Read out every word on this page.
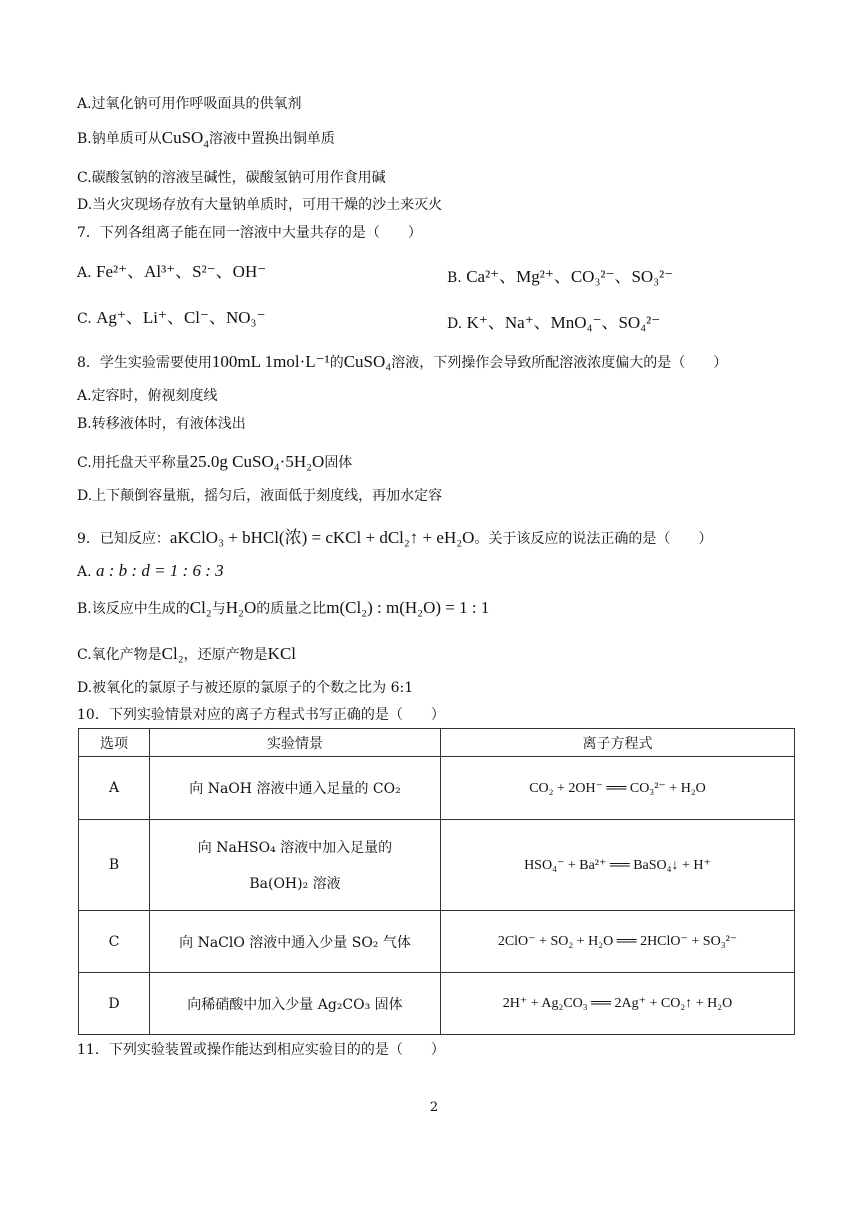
A.过氧化钠可用作呼吸面具的供氧剂
B.钠单质可从CuSO$_4$溶液中置换出铜单质
C.碳酸氢钠的溶液呈碱性，碳酸氢钠可用作食用碱
D.当火灾现场存放有大量钠单质时，可用干燥的沙土来灭火
7．下列各组离子能在同一溶液中大量共存的是（　　）
A. Fe²⁺、Al³⁺、S²⁻、OH⁻	B. Ca²⁺、Mg²⁺、CO₃²⁻、SO₃²⁻
C. Ag⁺、Li⁺、Cl⁻、NO₃⁻	D. K⁺、Na⁺、MnO₄⁻、SO₄²⁻
8．学生实验需要使用100mL 1mol·L⁻¹的CuSO₄溶液，下列操作会导致所配溶液浓度偏大的是（　　）
A.定容时，俯视刻度线
B.转移液体时，有液体浅出
C.用托盘天平称量25.0g CuSO₄·5H₂O固体
D.上下颠倒容量瓶，摇匀后，液面低于刻度线，再加水定容
9．已知反应：aKClO₃ + bHCl(浓) = cKCl + dCl₂↑ + eH₂O。关于该反应的说法正确的是（　　）
A. a : b : d = 1 : 6 : 3
B.该反应中生成的Cl₂与H₂O的质量之比m(Cl₂) : m(H₂O) = 1 : 1
C.氧化产物是Cl₂，还原产物是KCl
D.被氧化的氯原子与被还原的氯原子的个数之比为 6:1
10．下列实验情景对应的离子方程式书写正确的是（　　）
选项	实验情景	离子方程式
A	向 NaOH 溶液中通入足量的 CO₂	CO₂ + 2OH⁻ ══ CO₃²⁻ + H₂O
B	向 NaHSO₄ 溶液中加入足量的
Ba(OH)₂ 溶液	HSO₄⁻ + Ba²⁺ ══ BaSO₄↓ + H⁺
C	向 NaClO 溶液中通入少量 SO₂ 气体	2ClO⁻ + SO₂ + H₂O ══ 2HClO⁻ + SO₃²⁻
D	向稀硝酸中加入少量 Ag₂CO₃ 固体	2H⁺ + Ag₂CO₃ ══ 2Ag⁺ + CO₂↑ + H₂O
11．下列实验装置或操作能达到相应实验目的的是（　　）
2
